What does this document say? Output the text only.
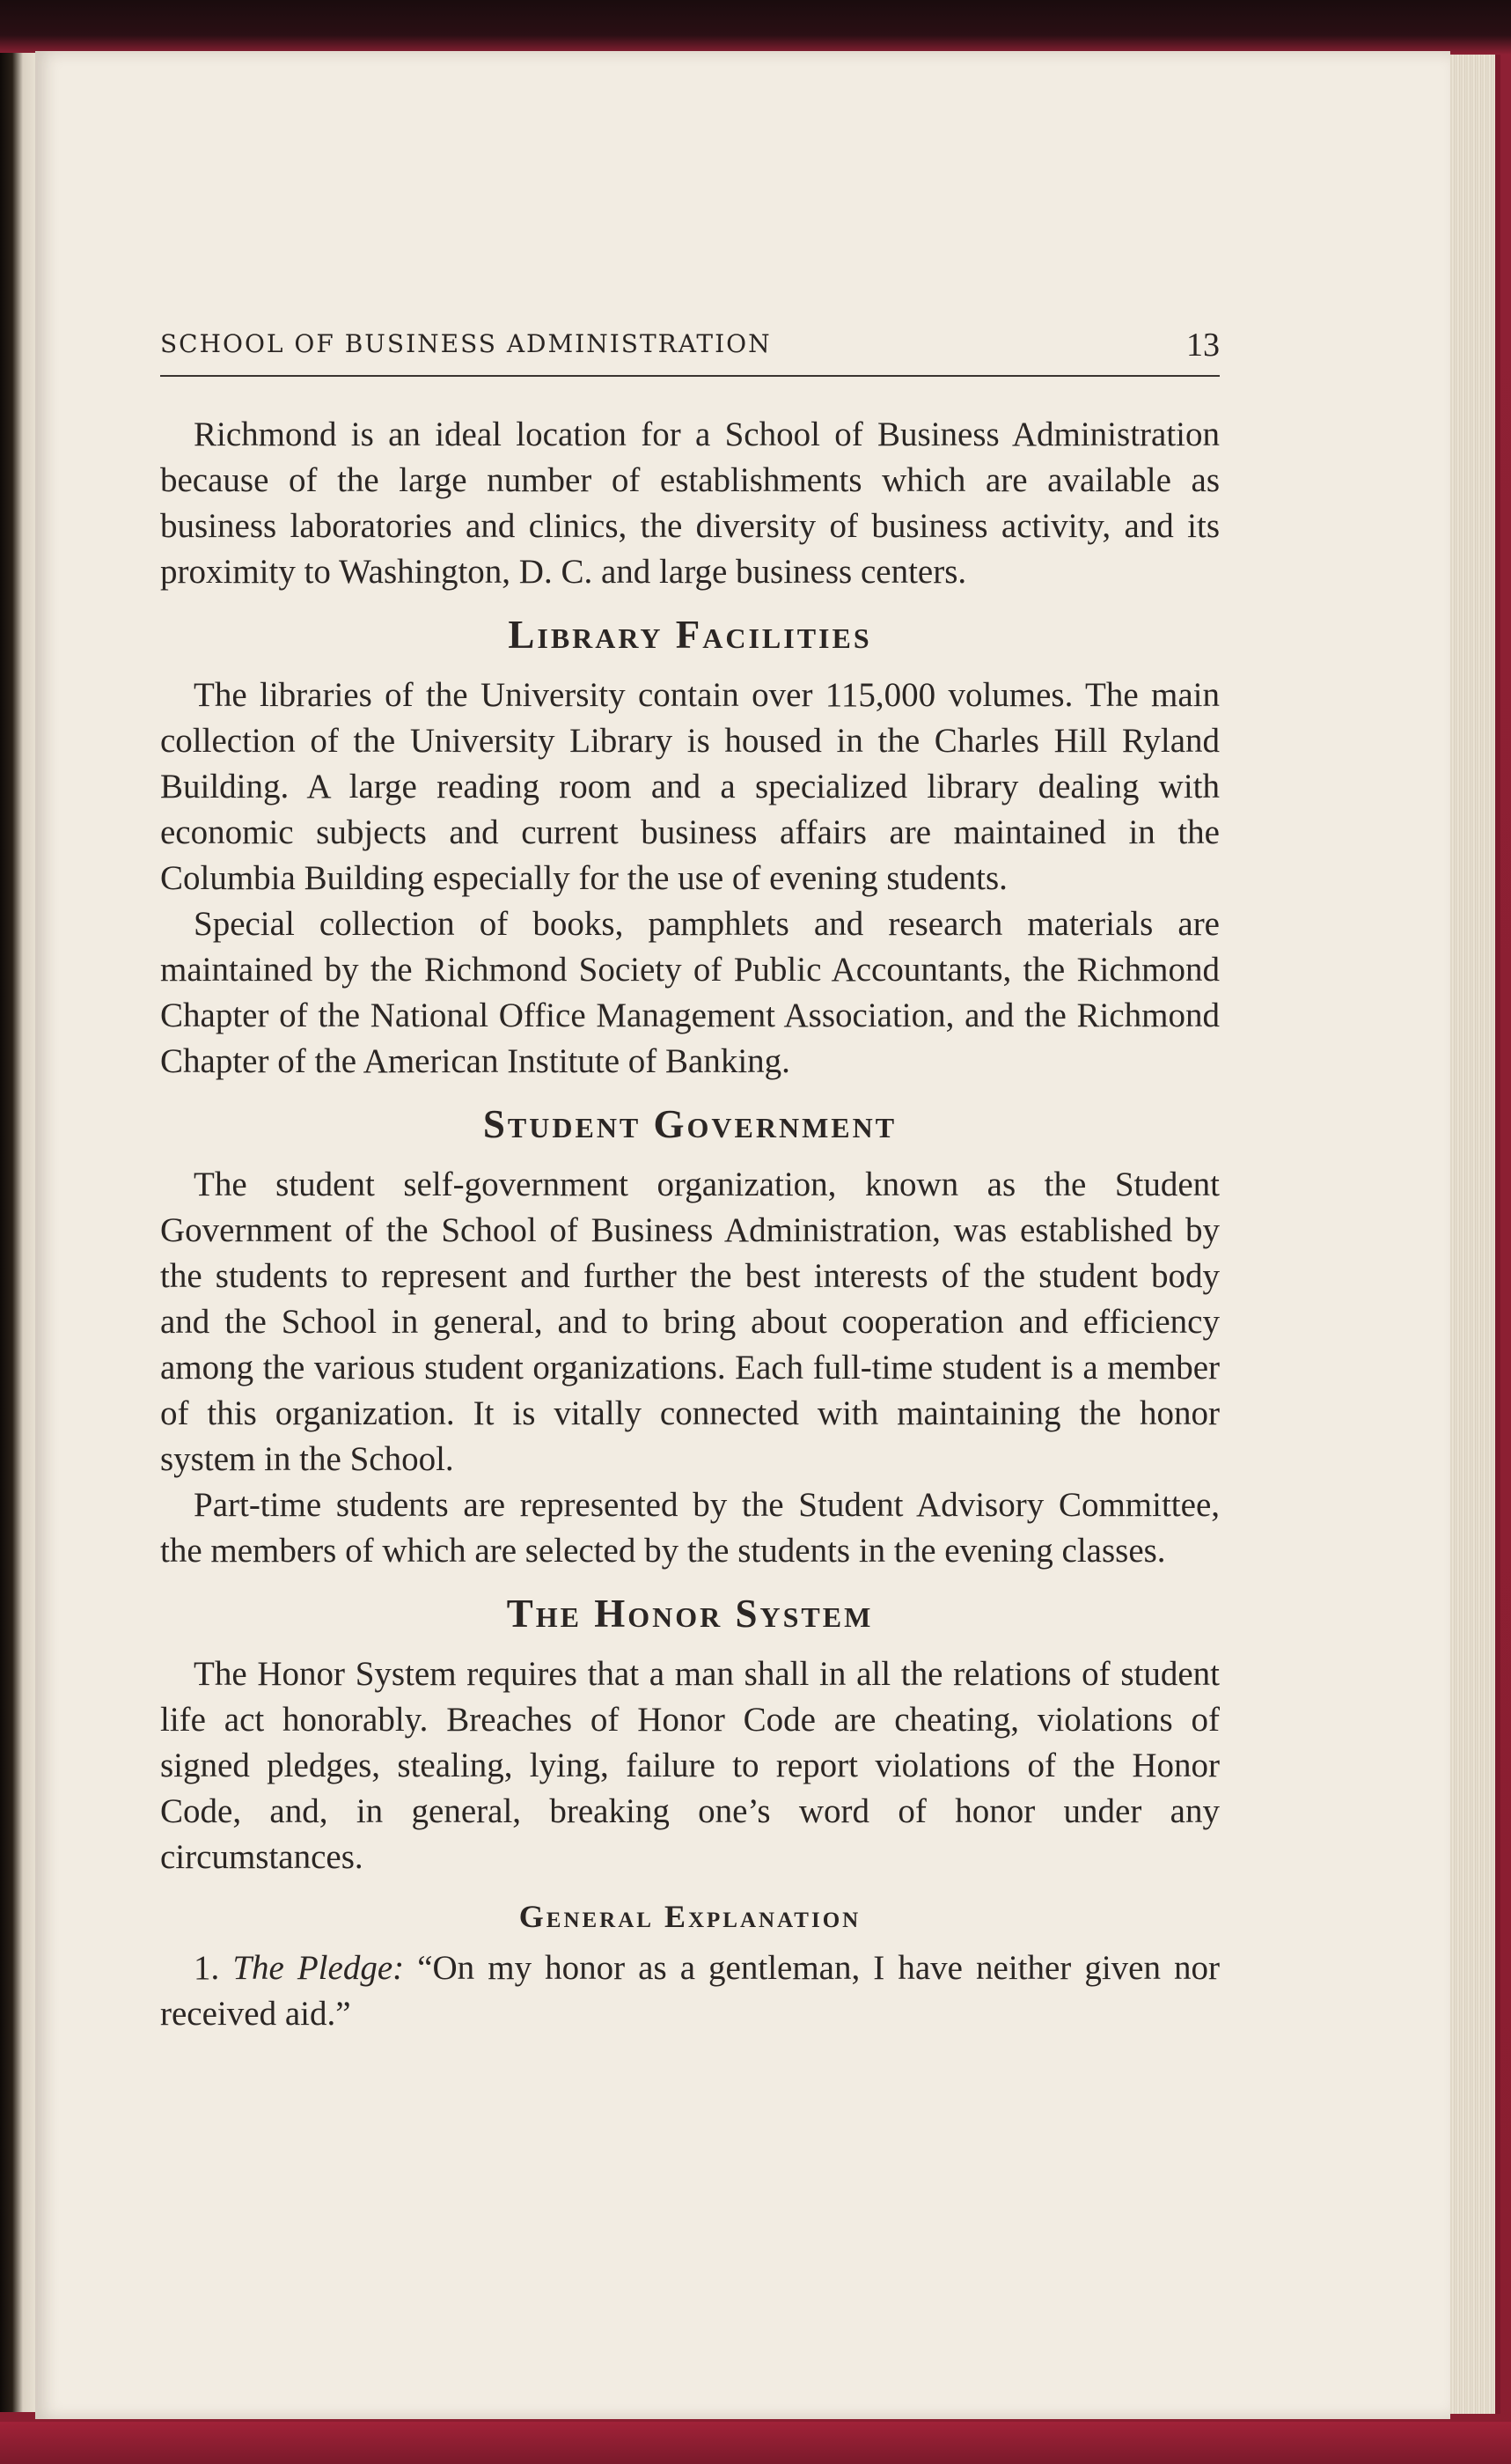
SCHOOL OF BUSINESS ADMINISTRATION	13

Richmond is an ideal location for a School of Business Administration because of the large number of establishments which are available as business laboratories and clinics, the diversity of business activity, and its proximity to Washington, D. C. and large business centers.

Library Facilities

The libraries of the University contain over 115,000 volumes. The main collection of the University Library is housed in the Charles Hill Ryland Building. A large reading room and a specialized library dealing with economic subjects and current business affairs are maintained in the Columbia Building especially for the use of evening students.

Special collection of books, pamphlets and research materials are maintained by the Richmond Society of Public Accountants, the Richmond Chapter of the National Office Management Association, and the Richmond Chapter of the American Institute of Banking.

Student Government

The student self-government organization, known as the Student Government of the School of Business Administration, was established by the students to represent and further the best interests of the student body and the School in general, and to bring about cooperation and efficiency among the various student organizations. Each full-time student is a member of this organization. It is vitally connected with maintaining the honor system in the School.

Part-time students are represented by the Student Advisory Committee, the members of which are selected by the students in the evening classes.

The Honor System

The Honor System requires that a man shall in all the relations of student life act honorably. Breaches of Honor Code are cheating, violations of signed pledges, stealing, lying, failure to report violations of the Honor Code, and, in general, breaking one’s word of honor under any circumstances.

General Explanation

1. The Pledge: “On my honor as a gentleman, I have neither given nor received aid.”
